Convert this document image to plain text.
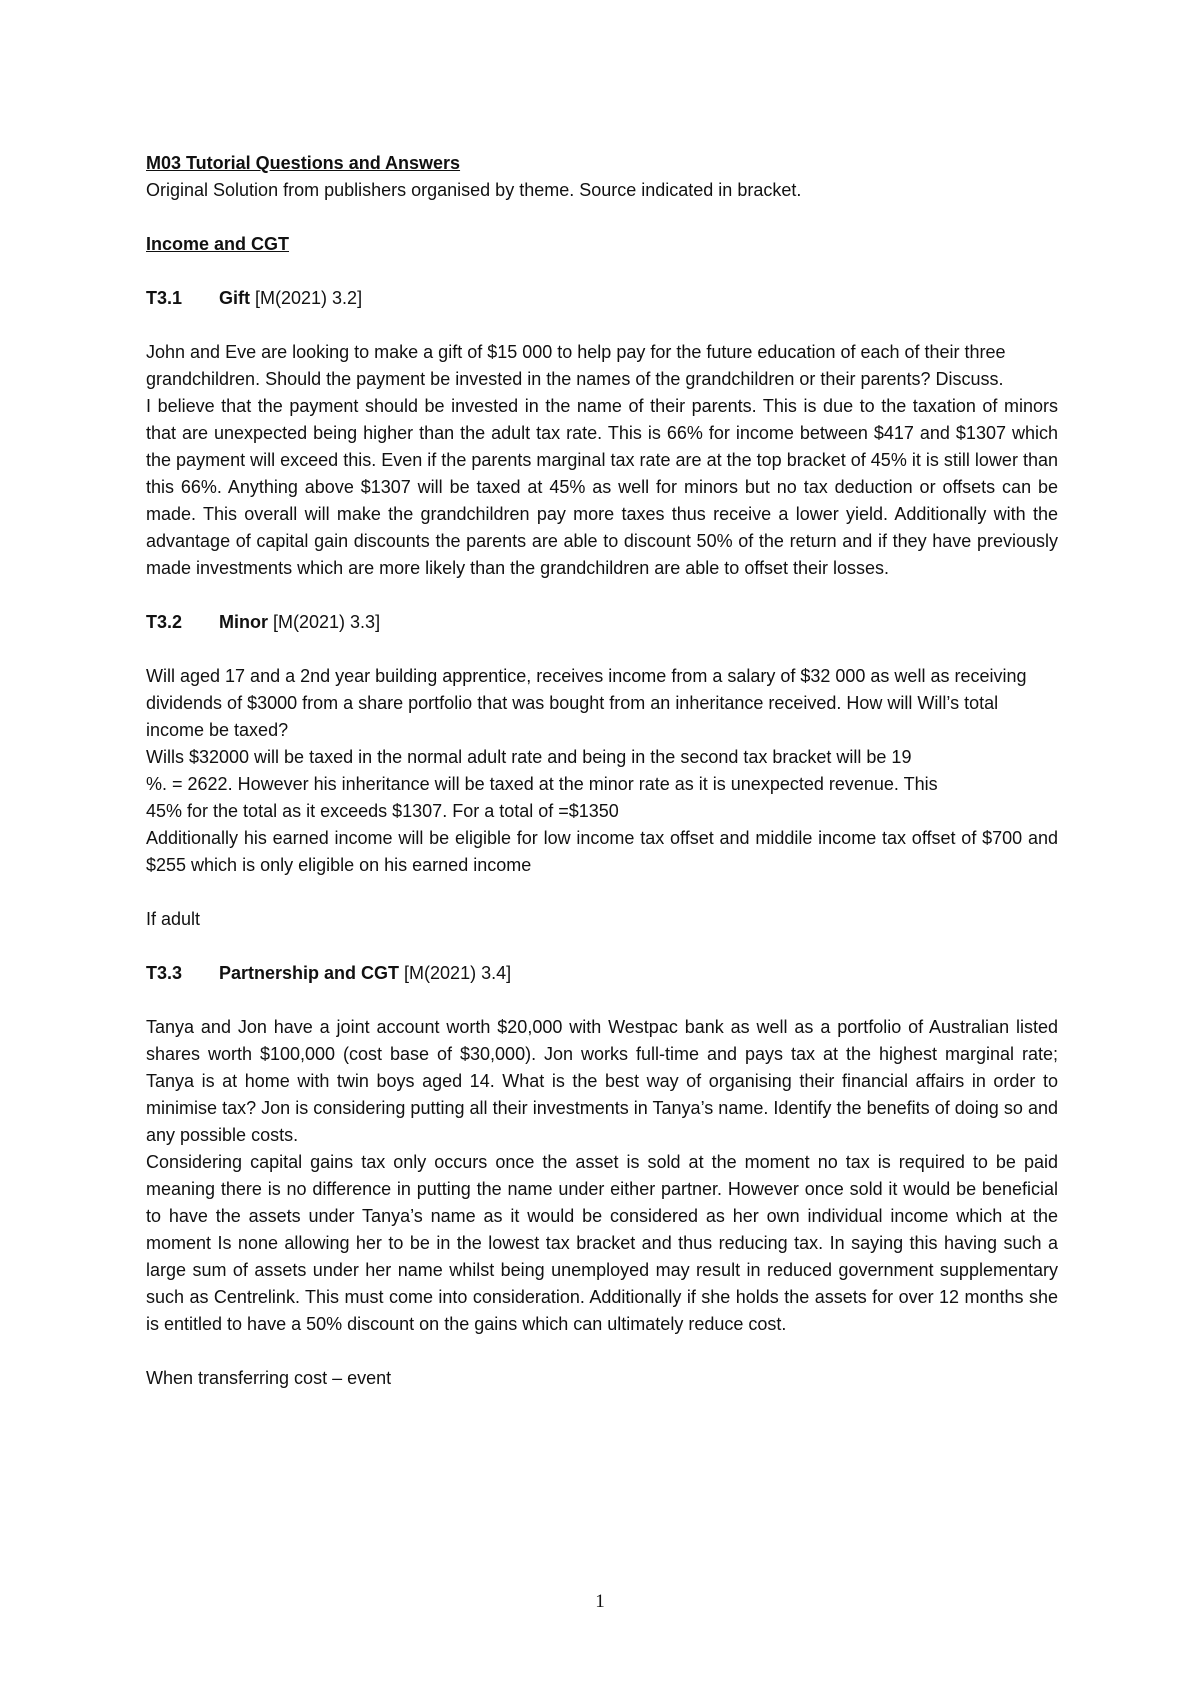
M03 Tutorial Questions and Answers

Original Solution from publishers organised by theme. Source indicated in bracket.

Income and CGT

T3.1 Gift [M(2021) 3.2]

John and Eve are looking to make a gift of $15 000 to help pay for the future education of each of their three grandchildren. Should the payment be invested in the names of the grandchildren or their parents? Discuss.

I believe that the payment should be invested in the name of their parents. This is due to the taxation of minors that are unexpected being higher than the adult tax rate. This is 66% for income between $417 and $1307 which the payment will exceed this. Even if the parents marginal tax rate are at the top bracket of 45% it is still lower than this 66%. Anything above $1307 will be taxed at 45% as well for minors but no tax deduction or offsets can be made. This overall will make the grandchildren pay more taxes thus receive a lower yield. Additionally with the advantage of capital gain discounts the parents are able to discount 50% of the return and if they have previously made investments which are more likely than the grandchildren are able to offset their losses.

T3.2 Minor [M(2021) 3.3]

Will aged 17 and a 2nd year building apprentice, receives income from a salary of $32 000 as well as receiving dividends of $3000 from a share portfolio that was bought from an inheritance received. How will Will’s total income be taxed?

Wills $32000 will be taxed in the normal adult rate and being in the second tax bracket will be 19

%. = 2622. However his inheritance will be taxed at the minor rate as it is unexpected revenue. This

45% for the total as it exceeds $1307. For a total of =$1350

Additionally his earned income will be eligible for low income tax offset and middile income tax offset of $700 and $255 which is only eligible on his earned income

If adult

T3.3 Partnership and CGT [M(2021) 3.4]

Tanya and Jon have a joint account worth $20,000 with Westpac bank as well as a portfolio of Australian listed shares worth $100,000 (cost base of $30,000). Jon works full-time and pays tax at the highest marginal rate; Tanya is at home with twin boys aged 14. What is the best way of organising their financial affairs in order to minimise tax? Jon is considering putting all their investments in Tanya’s name. Identify the benefits of doing so and any possible costs.

Considering capital gains tax only occurs once the asset is sold at the moment no tax is required to be paid meaning there is no difference in putting the name under either partner. However once sold it would be beneficial to have the assets under Tanya’s name as it would be considered as her own individual income which at the moment Is none allowing her to be in the lowest tax bracket and thus reducing tax. In saying this having such a large sum of assets under her name whilst being unemployed may result in reduced government supplementary such as Centrelink. This must come into consideration. Additionally if she holds the assets for over 12 months she is entitled to have a 50% discount on the gains which can ultimately reduce cost.

When transferring cost – event

1
